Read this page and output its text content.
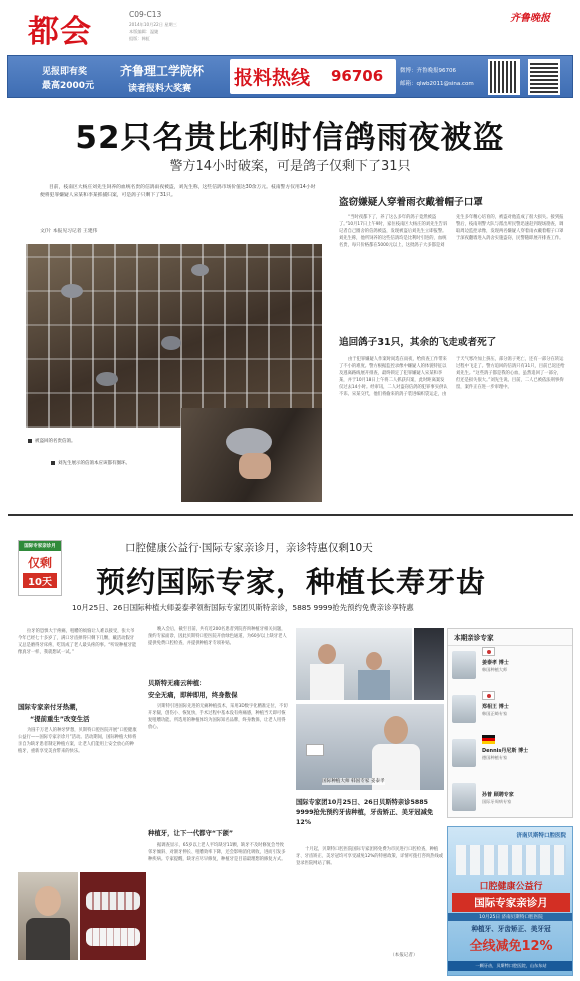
都会	C09-C13
2014年10月22日 星期三
本版编辑：温婕
组版：韩虹
齐鲁晚报
见报即有奖
最高2000元
齐鲁理工学院杯
读者报料大奖赛 报料热线 96706	微博：齐鲁晚报96706
邮箱：qlwb2011@sina.com
52只名贵比利时信鸽雨夜被盗
警方14小时破案，可是鸽子仅剩下了31只

目前，枝南区大杨庄刘先生饲养的血统名贵的信鸽雨夜被盗，刘先生称，这些信鸽市场价值达30余万元。枝南警方仅用14小时便将犯罪嫌疑人宋某和李某抓捕归案，可是鸽子只剩下了31只。

文/片 本报见习记者 王建伟
被盗回的名贵信鸽。
刘先生展示的信鸽本应该都有圈环。
盗窃嫌疑人穿着雨衣戴着帽子口罩

“当时夜都下了，养了这么多年的鸽子竟然被盗了。”10月17日上午9时，家住枝南区大杨庄的刘先生告诉记者自己圈舍的信鸽被盗，发现被盗后刘先生立即报警。刘先生称，他所饲养的这些信鸽均是比利时引进的，血统名贵，每只价格都在5000元以上，这批鸽子大多都是刘先生多年精心培育的，被盗对他造成了很大损失。接到报警后，枝南刑警大队与派出所民警迅速赶到现场勘查，调取周边监控录像，发现两名嫌疑人穿着雨衣戴着帽子口罩于深夜翻墙进入鸽舍实施盗窃，民警随即展开排查工作。

追回鸽子31只，其余的飞走或者死了

由于犯罪嫌疑人作案时间选在雨夜，给侦查工作带来了不小的难度。警方根据监控录像中嫌疑人的体貌特征以及逃离路线展开排查，最终锁定了犯罪嫌疑人宋某和李某，并于10月18日上午将二人抓获归案，此时距离案发仅过去14小时。经审讯，二人对盗窃信鸽的犯罪事实供认不讳。宋某交代，他们将偷来的鸽子装进编织袋运走，由于天气寒冷加上挤压，部分鸽子死亡，还有一部分在转运过程中飞走了。警方追回的信鸽只有31只，目前已返还给刘先生。“这些鸽子都是我的心血，虽然追回了一部分，但还是损失很大。”刘先生说。目前，二人已被依法刑事拘留，案件正在进一步审理中。

国际专家亲诊月
仅剩
10天
口腔健康公益行·国际专家亲诊月，亲诊特惠仅剩10天
预约国际专家，种植长寿牙齿
10月25日、26日国际种植大师姜泰孝领衔国际专家团贝斯特亲诊，5885 9999抢先预约免费亲诊享特惠

拉牙的恐惧大于疼痛，咀嚼的烦恼让人难以接受，张大爷今年已经七十多岁了，满口牙齿掉得只剩下几颗，戴活动假牙又总是磨得牙床疼，吃饭成了老人最头疼的事。“听说种植牙能像真牙一样，我就想试一试。”

国际专家亲付牙热潮，
“提前重生”改变生活

为圆千万老人的种牙梦想，贝斯特口腔医院开展“口腔健康公益行——国际专家亲诊月”活动。活动期间，国际种植大师将亲自为缺牙患者制定种植方案，让老人们能用上安全放心的种植牙，重新享受美食带来的快乐。

晚入会后，截至目前，共有近200名患者到院咨询种植牙相关问题，预约专家面诊，因此贝斯特口腔医院开放绿色通道，为60岁以上缺牙老人提供免费口腔检查，并提供种植牙专项补贴。

贝斯特无痛云种植：
安全无痛，即种即用，终身数保

贝斯特引进国际先进的无痛种植技术，采用3D数字化精准定位，不切开牙龈，创伤小、恢复快，手术过程中基本没有疼痛感，种植当天即可恢复咀嚼功能。所选用的种植体均为国际知名品牌，终身数保，让老人用得放心。

种植牙，让下一代都守“下颌”

据调查显示，65岁以上老人平均缺牙11颗，缺牙不及时修复会导致邻牙倾斜、对颌牙伸长、咀嚼效率下降，还会影响消化吸收，进而引发多种疾病。专家提醒，缺牙应尽早修复，种植牙是目前最理想的修复方式。

国际种植大师 韩国专家 姜泰孝
国际专家团10月25日、26日贝斯特亲诊5885 9999抢先预约牙齿种植，牙齿矫正、美牙冠减免12%

十月起，贝斯特口腔医院国际专家团将免费为市民进行口腔检查，种植牙、牙齿矫正、美牙冠均可享受减免12%的特惠政策，详情可拨打咨询热线或登录医院网站了解。

（本报记者）
本期亲诊专家
姜泰孝 博士
韩国种植大师
郑相王 博士
韩国正畸专家
Dennis丹尼斯 博士
德国种植专家
孙普 顾聘专家
国际牙周病专家
济南贝斯特口腔医院
口腔健康公益行
国际专家亲诊月
10月25日 济南贝斯特口腔医院
种植牙、牙齿矫正、美牙冠
全线减免12%
一颗牙齿，贝斯特口腔医院，山东东站
